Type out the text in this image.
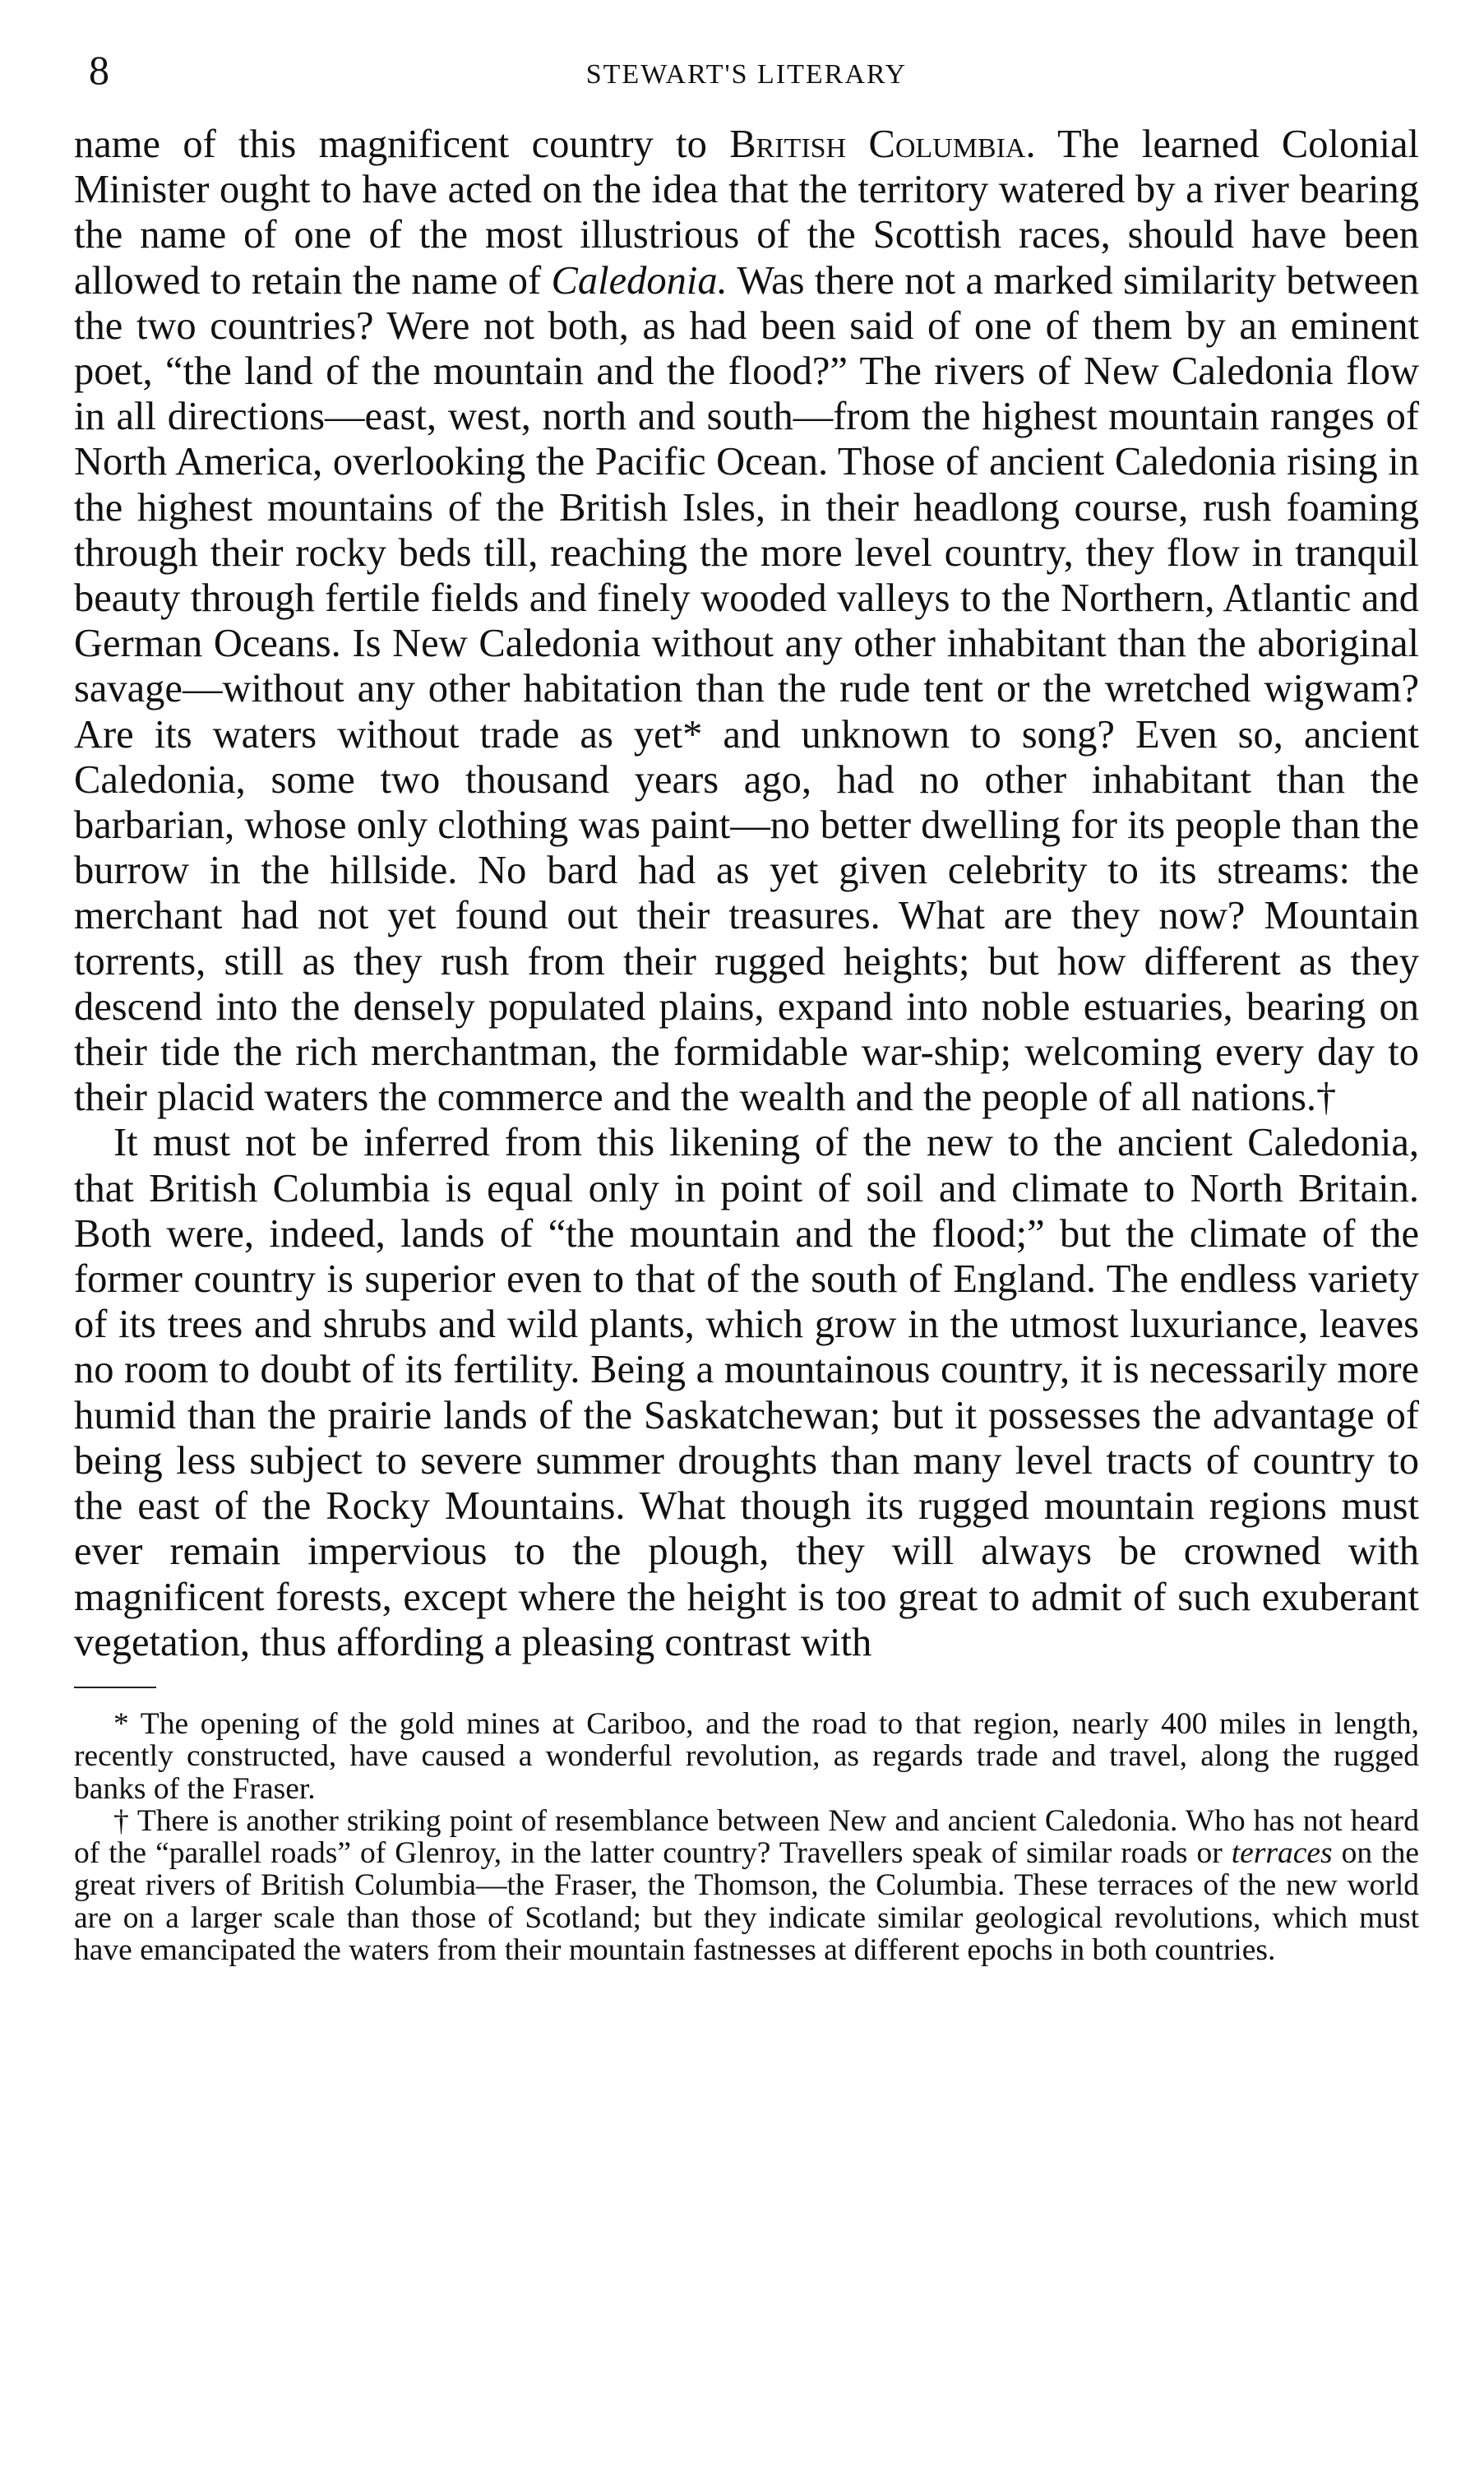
8	STEWART'S LITERARY

name of this magnificent country to British Columbia. The learned Colonial Minister ought to have acted on the idea that the territory watered by a river bearing the name of one of the most illustrious of the Scottish races, should have been allowed to retain the name of Caledonia. Was there not a marked similarity between the two countries? Were not both, as had been said of one of them by an eminent poet, “the land of the mountain and the flood?” The rivers of New Caledonia flow in all directions—east, west, north and south—from the highest mountain ranges of North America, overlooking the Pacific Ocean. Those of ancient Caledonia rising in the highest mountains of the British Isles, in their headlong course, rush foaming through their rocky beds till, reaching the more level country, they flow in tranquil beauty through fertile fields and finely wooded valleys to the Northern, Atlantic and German Oceans. Is New Caledonia without any other inhabitant than the aboriginal savage—without any other habitation than the rude tent or the wretched wigwam? Are its waters without trade as yet* and unknown to song? Even so, ancient Caledonia, some two thousand years ago, had no other inhabitant than the barbarian, whose only clothing was paint—no better dwelling for its people than the burrow in the hillside. No bard had as yet given celebrity to its streams: the merchant had not yet found out their treasures. What are they now? Mountain torrents, still as they rush from their rugged heights; but how different as they descend into the densely populated plains, expand into noble estuaries, bearing on their tide the rich merchantman, the formidable war-ship; welcoming every day to their placid waters the commerce and the wealth and the people of all nations.†

It must not be inferred from this likening of the new to the ancient Caledonia, that British Columbia is equal only in point of soil and climate to North Britain. Both were, indeed, lands of “the mountain and the flood;” but the climate of the former country is superior even to that of the south of England. The endless variety of its trees and shrubs and wild plants, which grow in the utmost luxuriance, leaves no room to doubt of its fertility. Being a mountainous country, it is necessarily more humid than the prairie lands of the Saskatchewan; but it possesses the advantage of being less subject to severe summer droughts than many level tracts of country to the east of the Rocky Mountains. What though its rugged mountain regions must ever remain impervious to the plough, they will always be crowned with magnificent forests, except where the height is too great to admit of such exuberant vegetation, thus affording a pleasing contrast with

* The opening of the gold mines at Cariboo, and the road to that region, nearly 400 miles in length, recently constructed, have caused a wonderful revolution, as regards trade and travel, along the rugged banks of the Fraser.

† There is another striking point of resemblance between New and ancient Caledonia. Who has not heard of the “parallel roads” of Glenroy, in the latter country? Travellers speak of similar roads or terraces on the great rivers of British Columbia—the Fraser, the Thomson, the Columbia. These terraces of the new world are on a larger scale than those of Scotland; but they indicate similar geological revolutions, which must have emancipated the waters from their mountain fastnesses at different epochs in both countries.
